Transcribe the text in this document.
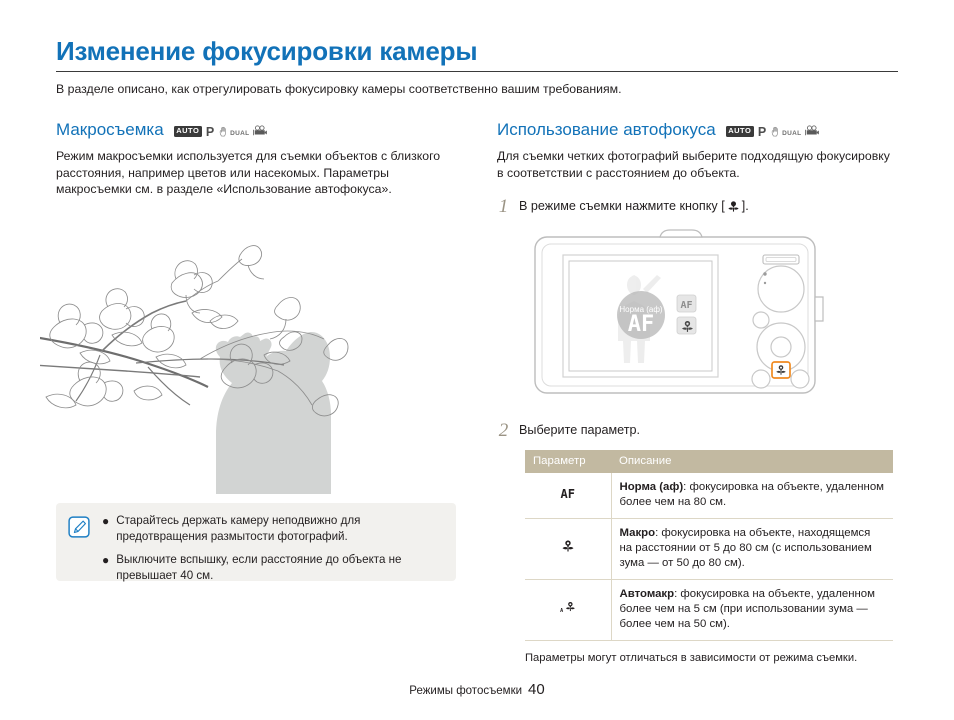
Изменение фокусировки камеры
В разделе описано, как отрегулировать фокусировку камеры соответственно вашим требованиям.
Макросъемка	AUTO P DUAL
Режим макросъемки используется для съемки объектов с близкого расстояния, например цветов или насекомых. Параметры макросъемки см. в разделе «Использование автофокуса».
● Старайтесь держать камеру неподвижно для предотвращения размытости фотографий.
● Выключите вспышку, если расстояние до объекта не превышает 40 см.
Использование автофокуса	AUTO P DUAL
Для съемки четких фотографий выберите подходящую фокусировку в соответствии с расстоянием до объекта.
1 В режиме съемки нажмите кнопку [ ].
Норма (аф)
AF
AF
2 Выберите параметр.
Параметр	Описание
AF	Норма (аф): фокусировка на объекте, удаленном более чем на 80 см.
	Макро: фокусировка на объекте, находящемся на расстоянии от 5 до 80 см (с использованием зума — от 50 до 80 см).

A	Автомакр: фокусировка на объекте, удаленном более чем на 5 см (при использовании зума — более чем на 50 см).
Параметры могут отличаться в зависимости от режима съемки.
Режимы фотосъемки 40
